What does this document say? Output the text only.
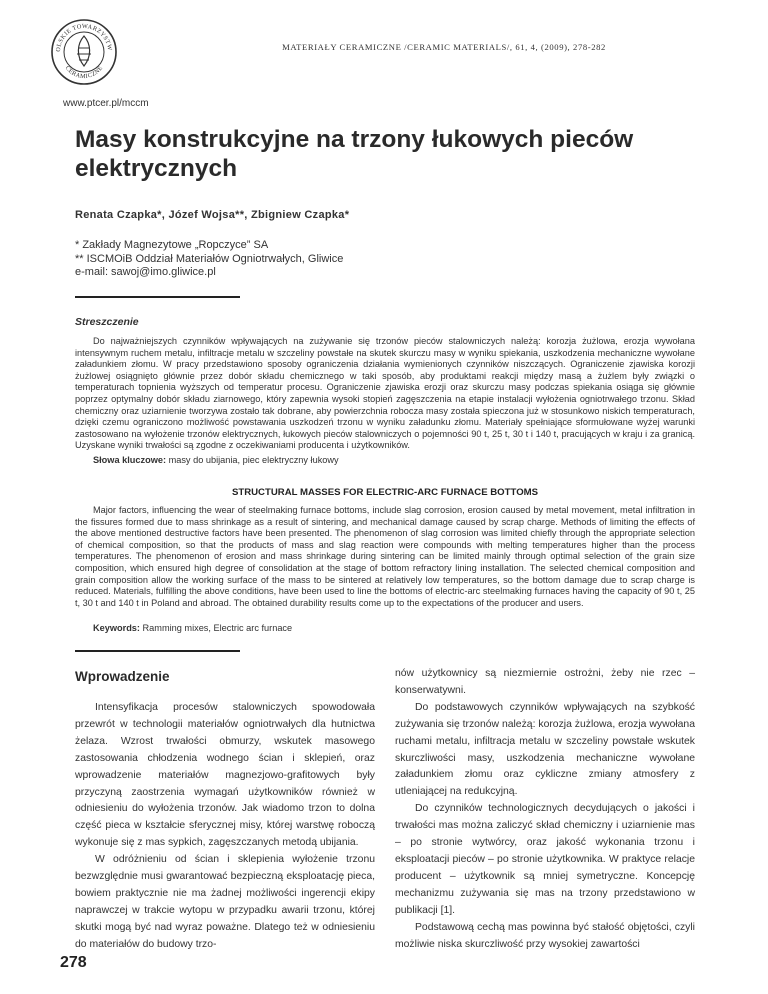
OLSKIE TOWARZYSTW
CERAMICZNE
MATERIAŁY CERAMICZNE /CERAMIC MATERIALS/, 61, 4, (2009), 278-282
www.ptcer.pl/mccm
Masy konstrukcyjne na trzony łukowych pieców
elektrycznych
Renata Czapka*, Józef Wojsa**, Zbigniew Czapka*
* Zakłady Magnezytowe „Ropczyce” SA
** ISCMOiB Oddział Materiałów Ogniotrwałych, Gliwice
e-mail: sawoj@imo.gliwice.pl
Streszczenie
Do najważniejszych czynników wpływających na zużywanie się trzonów pieców stalowniczych należą: korozja żużlowa, erozja wywołana intensywnym ruchem metalu, infiltracje metalu w szczeliny powstałe na skutek skurczu masy w wyniku spiekania, uszkodzenia mechaniczne wywołane załadunkiem złomu. W pracy przedstawiono sposoby ograniczenia działania wymienionych czynników niszczących. Ograniczenie zjawiska korozji żużlowej osiągnięto głównie przez dobór składu chemicznego w taki sposób, aby produktami reakcji między masą a żużlem były związki o temperaturach topnienia wyższych od temperatur procesu. Ograniczenie zjawiska erozji oraz skurczu masy podczas spiekania osiąga się głównie poprzez optymalny dobór składu ziarnowego, który zapewnia wysoki stopień zagęszczenia na etapie instalacji wyłożenia ogniotrwałego trzonu. Skład chemiczny oraz uziarnienie tworzywa zostało tak dobrane, aby powierzchnia robocza masy została spieczona już w stosunkowo niskich temperaturach, dzięki czemu ograniczono możliwość powstawania uszkodzeń trzonu w wyniku załadunku złomu. Materiały spełniające sformułowane wyżej warunki zastosowano na wyłożenie trzonów elektrycznych, łukowych pieców stalowniczych o pojemności 90 t, 25 t, 30 t i 140 t, pracujących w kraju i za granicą. Uzyskane wyniki trwałości są zgodne z oczekiwaniami producenta i użytkowników.
Słowa kluczowe: masy do ubijania, piec elektryczny łukowy
STRUCTURAL MASSES FOR ELECTRIC-ARC FURNACE BOTTOMS
Major factors, influencing the wear of steelmaking furnace bottoms, include slag corrosion, erosion caused by metal movement, metal infiltration in the fissures formed due to mass shrinkage as a result of sintering, and mechanical damage caused by scrap charge. Methods of limiting the effects of the above mentioned destructive factors have been presented. The phenomenon of slag corrosion was limited chiefly through the appropriate selection of chemical composition, so that the products of mass and slag reaction were compounds with melting temperatures higher than the process temperatures. The phenomenon of erosion and mass shrinkage during sintering can be limited mainly through optimal selection of the grain size composition, which ensured high degree of consolidation at the stage of bottom refractory lining installation. The selected chemical composition and grain composition allow the working surface of the mass to be sintered at relatively low temperatures, so the bottom damage due to scrap charge is reduced. Materials, fulfilling the above conditions, have been used to line the bottoms of electric-arc steelmaking furnaces having the capacity of 90 t, 25 t, 30 t and 140 t in Poland and abroad. The obtained durability results come up to the expectations of the producer and users.
Keywords: Ramming mixes, Electric arc furnace
Wprowadzenie

Intensyfikacja procesów stalowniczych spowodowała przewrót w technologii materiałów ogniotrwałych dla hutnictwa żelaza. Wzrost trwałości obmurzy, wskutek masowego zastosowania chłodzenia wodnego ścian i sklepień, oraz wprowadzenie materiałów magnezjowo-grafitowych były przyczyną zaostrzenia wymagań użytkowników również w odniesieniu do wyłożenia trzonów. Jak wiadomo trzon to dolna część pieca w kształcie sferycznej misy, której warstwę roboczą wykonuje się z mas sypkich, zagęszczanych metodą ubijania.

W odróżnieniu od ścian i sklepienia wyłożenie trzonu bezwzględnie musi gwarantować bezpieczną eksploatację pieca, bowiem praktycznie nie ma żadnej możliwości ingerencji ekipy naprawczej w trakcie wytopu w przypadku awarii trzonu, której skutki mogą być nad wyraz poważne. Dlatego też w odniesieniu do materiałów do budowy trzo-

nów użytkownicy są niezmiernie ostrożni, żeby nie rzec – konserwatywni.

Do podstawowych czynników wpływających na szybkość zużywania się trzonów należą: korozja żużlowa, erozja wywołana ruchami metalu, infiltracja metalu w szczeliny powstałe wskutek skurczliwości masy, uszkodzenia mechaniczne wywołane załadunkiem złomu oraz cykliczne zmiany atmosfery z utleniającej na redukcyjną.

Do czynników technologicznych decydujących o jakości i trwałości mas można zaliczyć skład chemiczny i uziarnienie mas – po stronie wytwórcy, oraz jakość wykonania trzonu i eksploatacji pieców – po stronie użytkownika. W praktyce relacje producent – użytkownik są mniej symetryczne. Koncepcję mechanizmu zużywania się mas na trzony przedstawiono w publikacji [1].

Podstawową cechą mas powinna być stałość objętości, czyli możliwie niska skurczliwość przy wysokiej zawartości

278
